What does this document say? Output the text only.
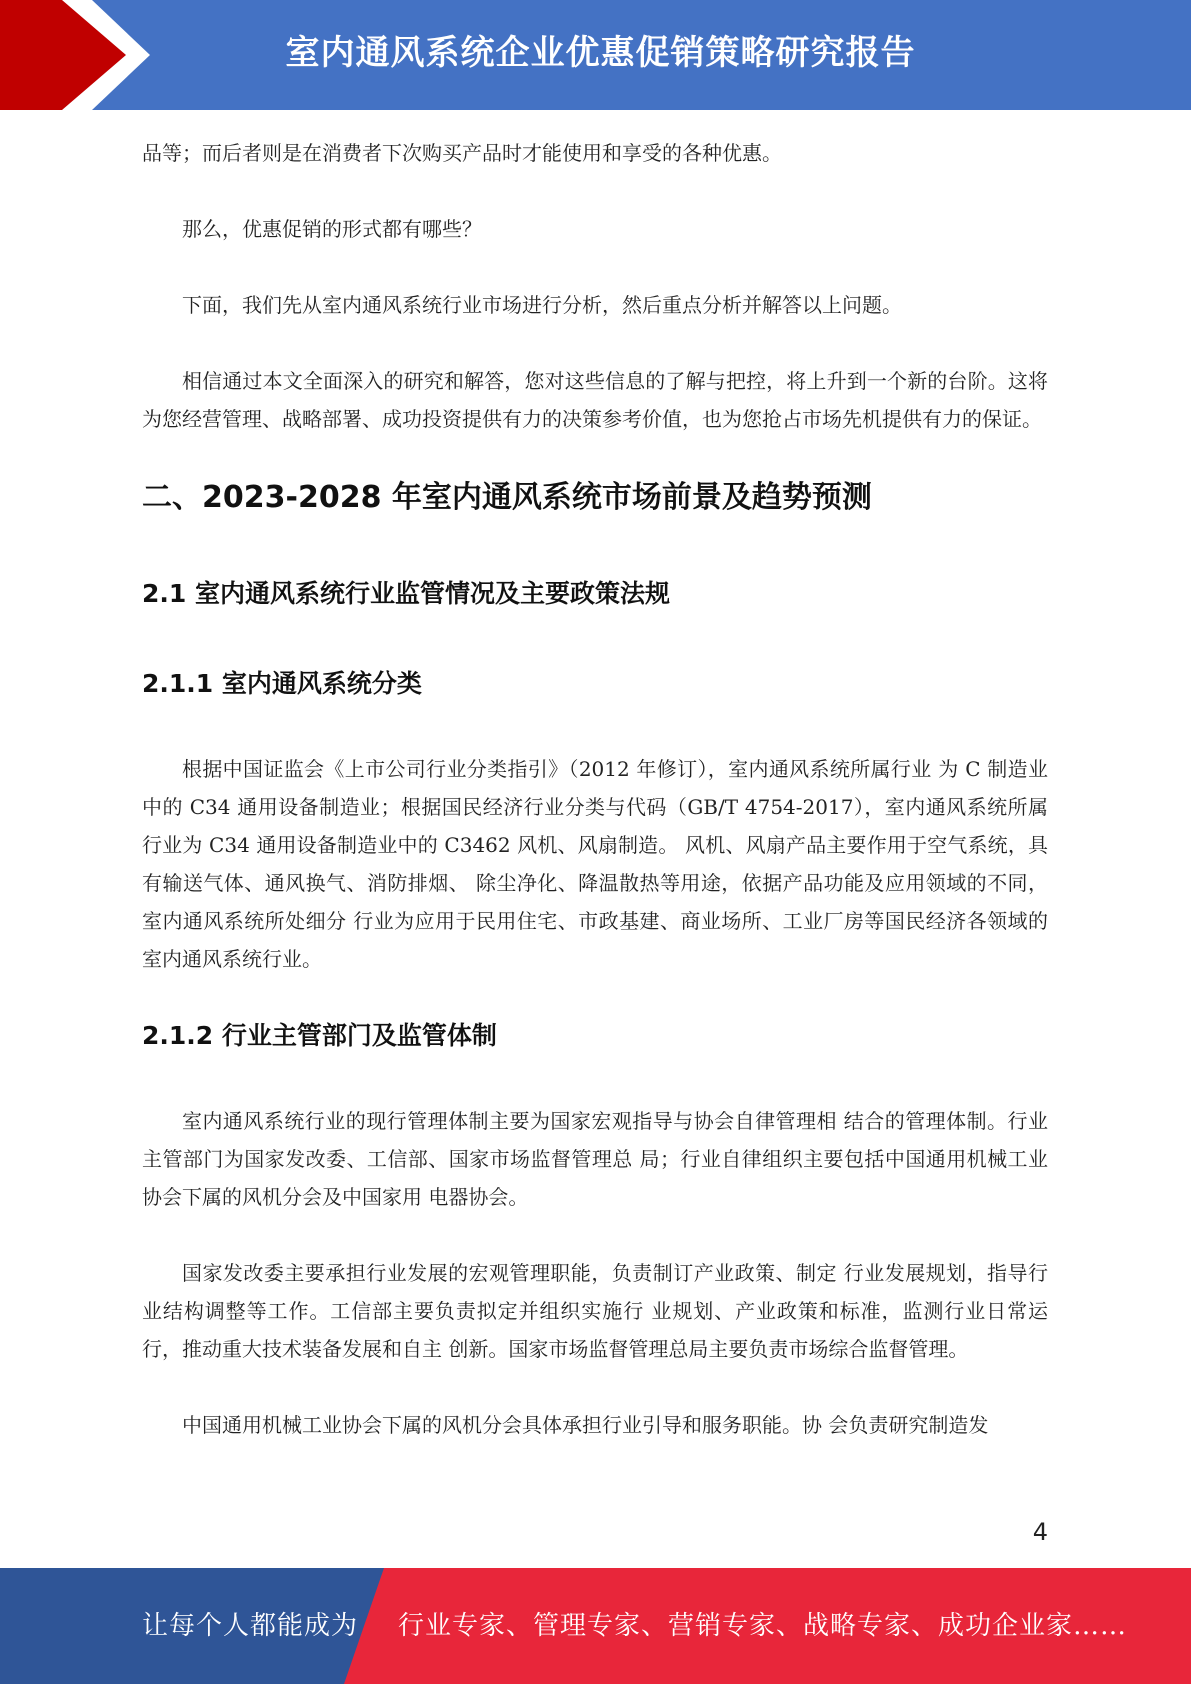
室内通风系统企业优惠促销策略研究报告

品等；而后者则是在消费者下次购买产品时才能使用和享受的各种优惠。

那么，优惠促销的形式都有哪些？

下面，我们先从室内通风系统行业市场进行分析，然后重点分析并解答以上问题。

相信通过本文全面深入的研究和解答，您对这些信息的了解与把控，将上升到一个新的台阶。这将为您经营管理、战略部署、成功投资提供有力的决策参考价值，也为您抢占市场先机提供有力的保证。

二、2023-2028 年室内通风系统市场前景及趋势预测
2.1 室内通风系统行业监管情况及主要政策法规
2.1.1 室内通风系统分类

根据中国证监会《上市公司行业分类指引》（2012 年修订），室内通风系统所属行业 为 C 制造业中的 C34 通用设备制造业；根据国民经济行业分类与代码（GB/T 4754-2017），室内通风系统所属行业为 C34 通用设备制造业中的 C3462 风机、风扇制造。 风机、风扇产品主要作用于空气系统，具有输送气体、通风换气、消防排烟、 除尘净化、降温散热等用途，依据产品功能及应用领域的不同，室内通风系统所处细分 行业为应用于民用住宅、市政基建、商业场所、工业厂房等国民经济各领域的 室内通风系统行业。

2.1.2 行业主管部门及监管体制

室内通风系统行业的现行管理体制主要为国家宏观指导与协会自律管理相 结合的管理体制。行业主管部门为国家发改委、工信部、国家市场监督管理总 局；行业自律组织主要包括中国通用机械工业协会下属的风机分会及中国家用 电器协会。

国家发改委主要承担行业发展的宏观管理职能，负责制订产业政策、制定 行业发展规划，指导行业结构调整等工作。工信部主要负责拟定并组织实施行 业规划、产业政策和标准，监测行业日常运行，推动重大技术装备发展和自主 创新。国家市场监督管理总局主要负责市场综合监督管理。

中国通用机械工业协会下属的风机分会具体承担行业引导和服务职能。协 会负责研究制造发

4
让每个人都能成为 行业专家、管理专家、营销专家、战略专家、成功企业家……
